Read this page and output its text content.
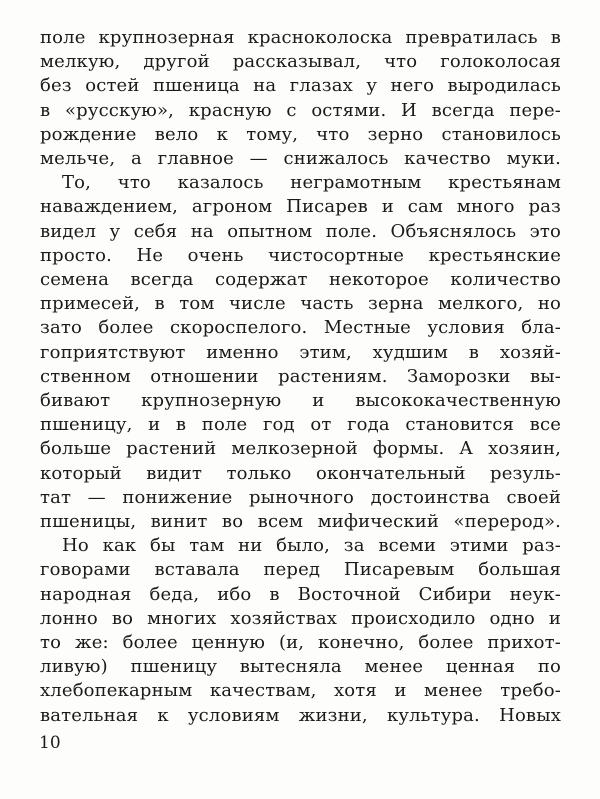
поле крупнозерная красноколоска превратилась в
мелкую, другой рассказывал, что голоколосая
без остей пшеница на глазах у него выродилась
в «русскую», красную с остями. И всегда пере-
рождение вело к тому, что зерно становилось
мельче, а главное — снижалось качество муки.
То, что казалось неграмотным крестьянам
наваждением, агроном Писарев и сам много раз
видел у себя на опытном поле. Объяснялось это
просто. Не очень чистосортные крестьянские
семена всегда содержат некоторое количество
примесей, в том числе часть зерна мелкого, но
зато более скороспелого. Местные условия бла-
гоприятствуют именно этим, худшим в хозяй-
ственном отношении растениям. Заморозки вы-
бивают крупнозерную и высококачественную
пшеницу, и в поле год от года становится все
больше растений мелкозерной формы. А хозяин,
который видит только окончательный резуль-
тат — понижение рыночного достоинства своей
пшеницы, винит во всем мифический «перерод».
Но как бы там ни было, за всеми этими раз-
говорами вставала перед Писаревым большая
народная беда, ибо в Восточной Сибири неук-
лонно во многих хозяйствах происходило одно и
то же: более ценную (и, конечно, более прихот-
ливую) пшеницу вытесняла менее ценная по
хлебопекарным качествам, хотя и менее требо-
вательная к условиям жизни, культура. Новых
10
